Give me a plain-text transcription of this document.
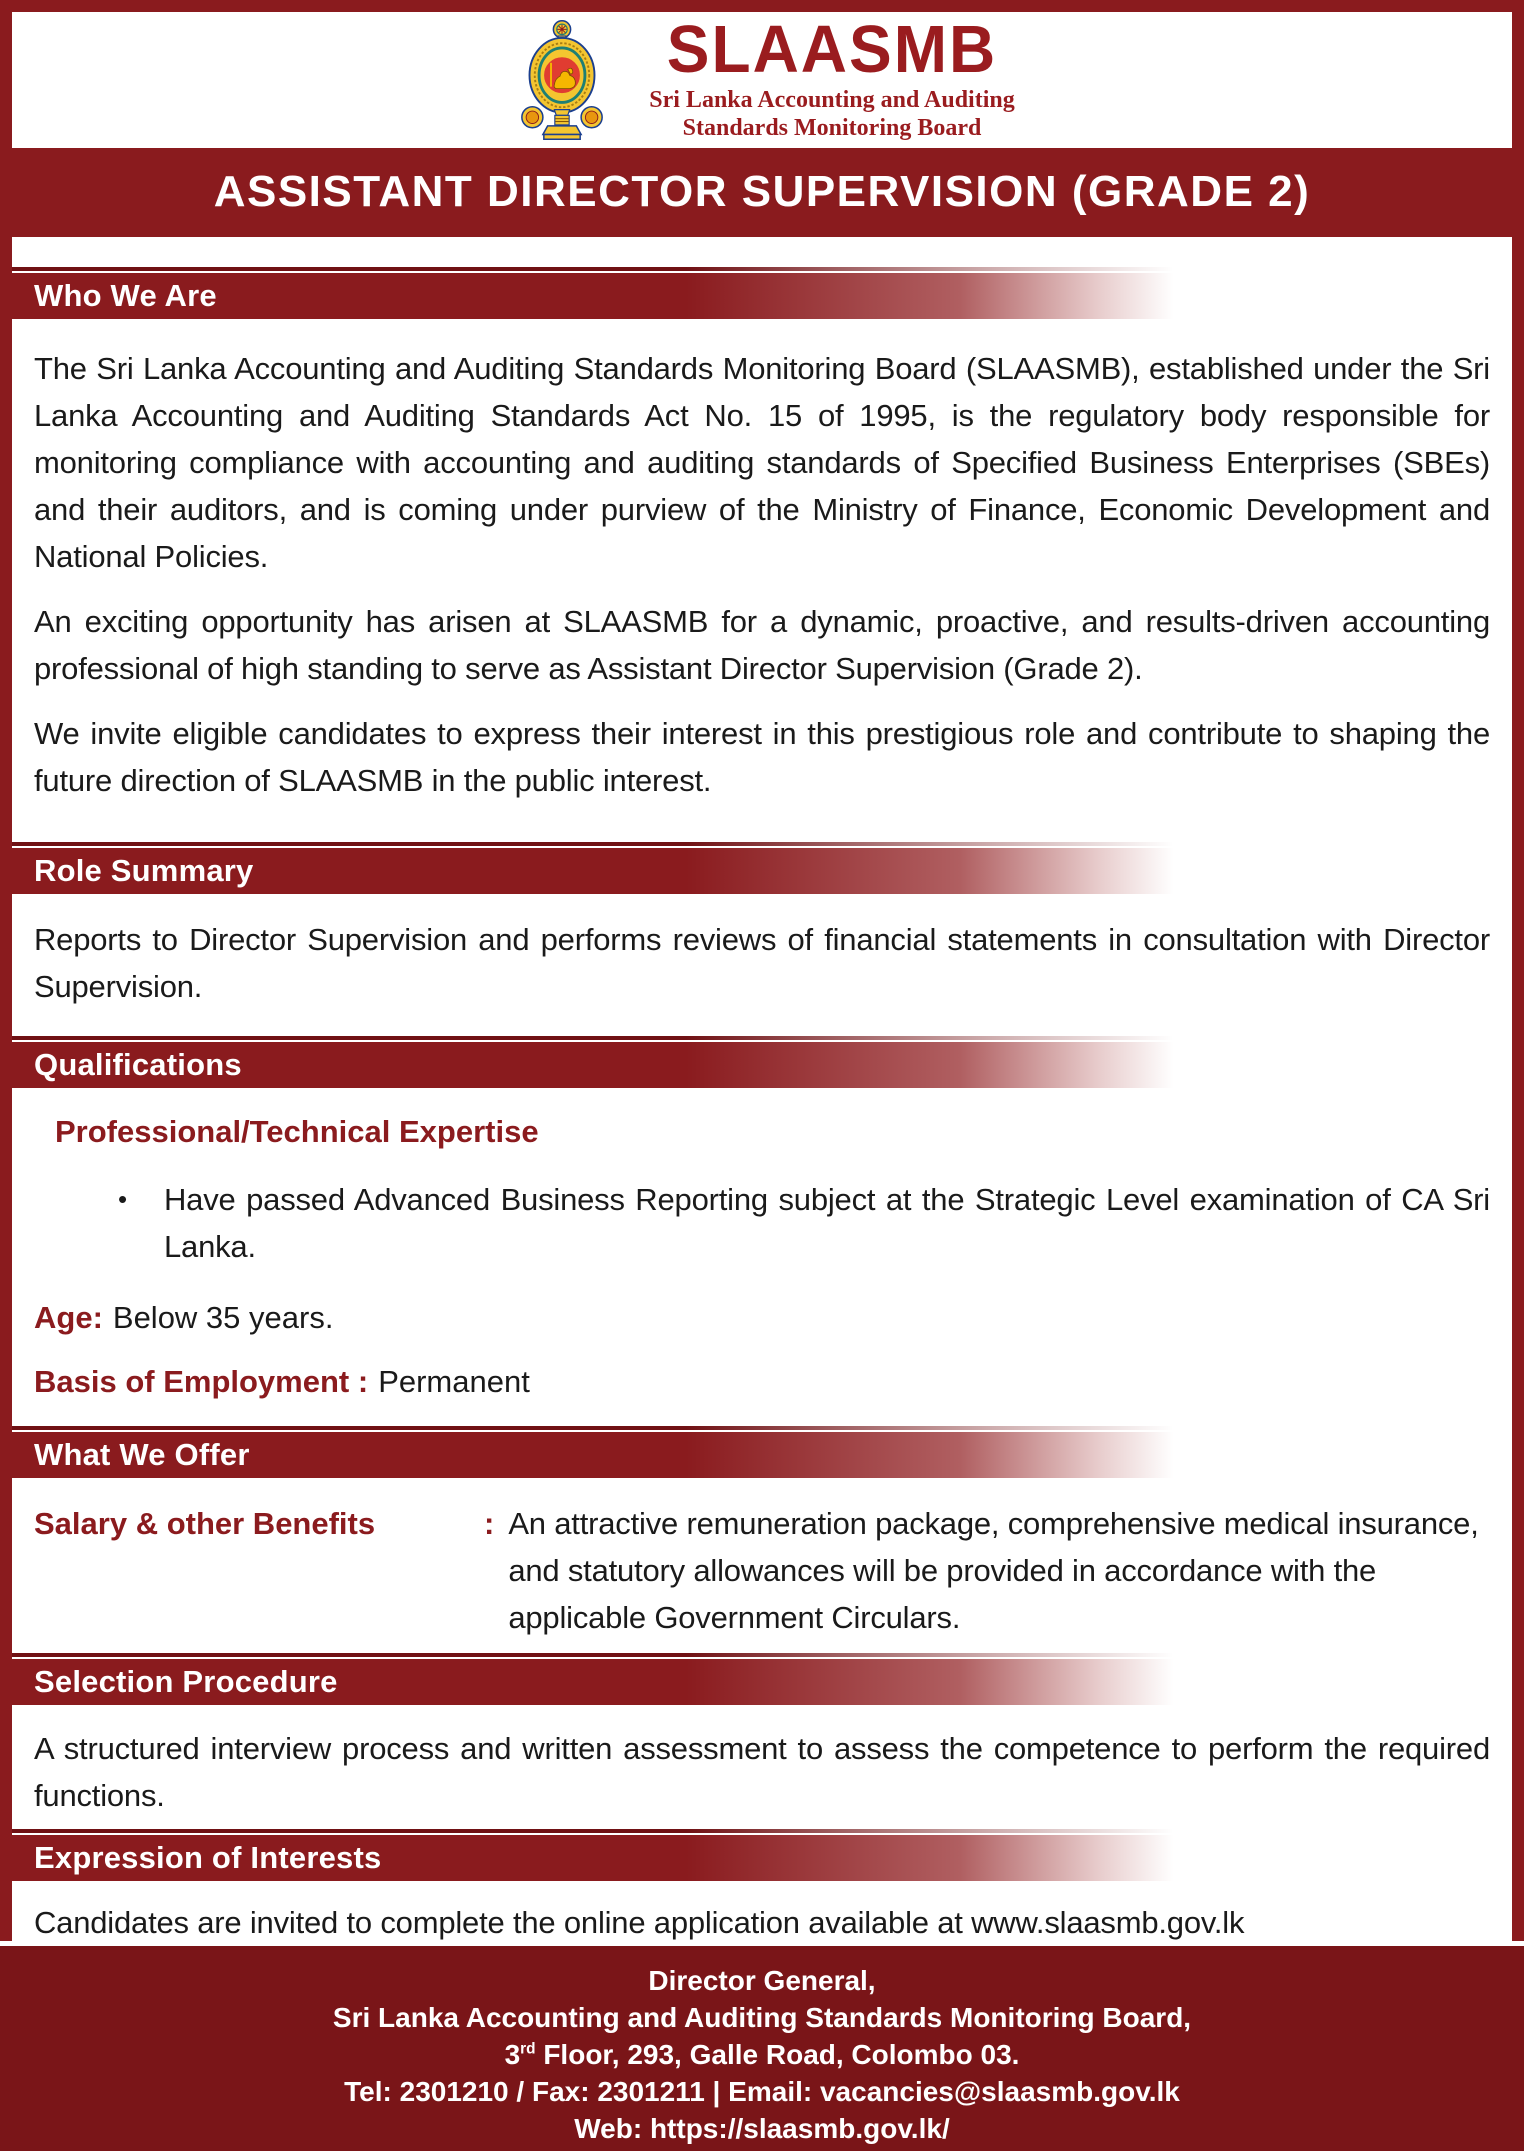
SLAASMB
Sri Lanka Accounting and Auditing
Standards Monitoring Board
ASSISTANT DIRECTOR SUPERVISION (GRADE 2)
Who We Are

The Sri Lanka Accounting and Auditing Standards Monitoring Board (SLAASMB), established under the Sri Lanka Accounting and Auditing Standards Act No. 15 of 1995, is the regulatory body responsible for monitoring compliance with accounting and auditing standards of Specified Business Enterprises (SBEs) and their auditors, and is coming under purview of the Ministry of Finance, Economic Development and National Policies.

An exciting opportunity has arisen at SLAASMB for a dynamic, proactive, and results-driven accounting professional of high standing to serve as Assistant Director Supervision (Grade 2).

We invite eligible candidates to express their interest in this prestigious role and contribute to shaping the future direction of SLAASMB in the public interest.

Role Summary

Reports to Director Supervision and performs reviews of financial statements in consultation with Director Supervision.

Qualifications
Professional/Technical Expertise
•	Have passed Advanced Business Reporting subject at the Strategic Level examination of CA Sri Lanka.
Age: Below 35 years.
Basis of Employment : Permanent
What We Offer
Salary & other Benefits	: An attractive remuneration package, comprehensive medical insurance, and statutory allowances will be provided in accordance with the applicable Government Circulars.
Selection Procedure

A structured interview process and written assessment to assess the competence to perform the required functions.

Expression of Interests

Candidates are invited to complete the online application available at www.slaasmb.gov.lk

Director General,
Sri Lanka Accounting and Auditing Standards Monitoring Board,
3rd Floor, 293, Galle Road, Colombo 03.
Tel: 2301210 / Fax: 2301211 | Email: vacancies@slaasmb.gov.lk
Web: https://slaasmb.gov.lk/
